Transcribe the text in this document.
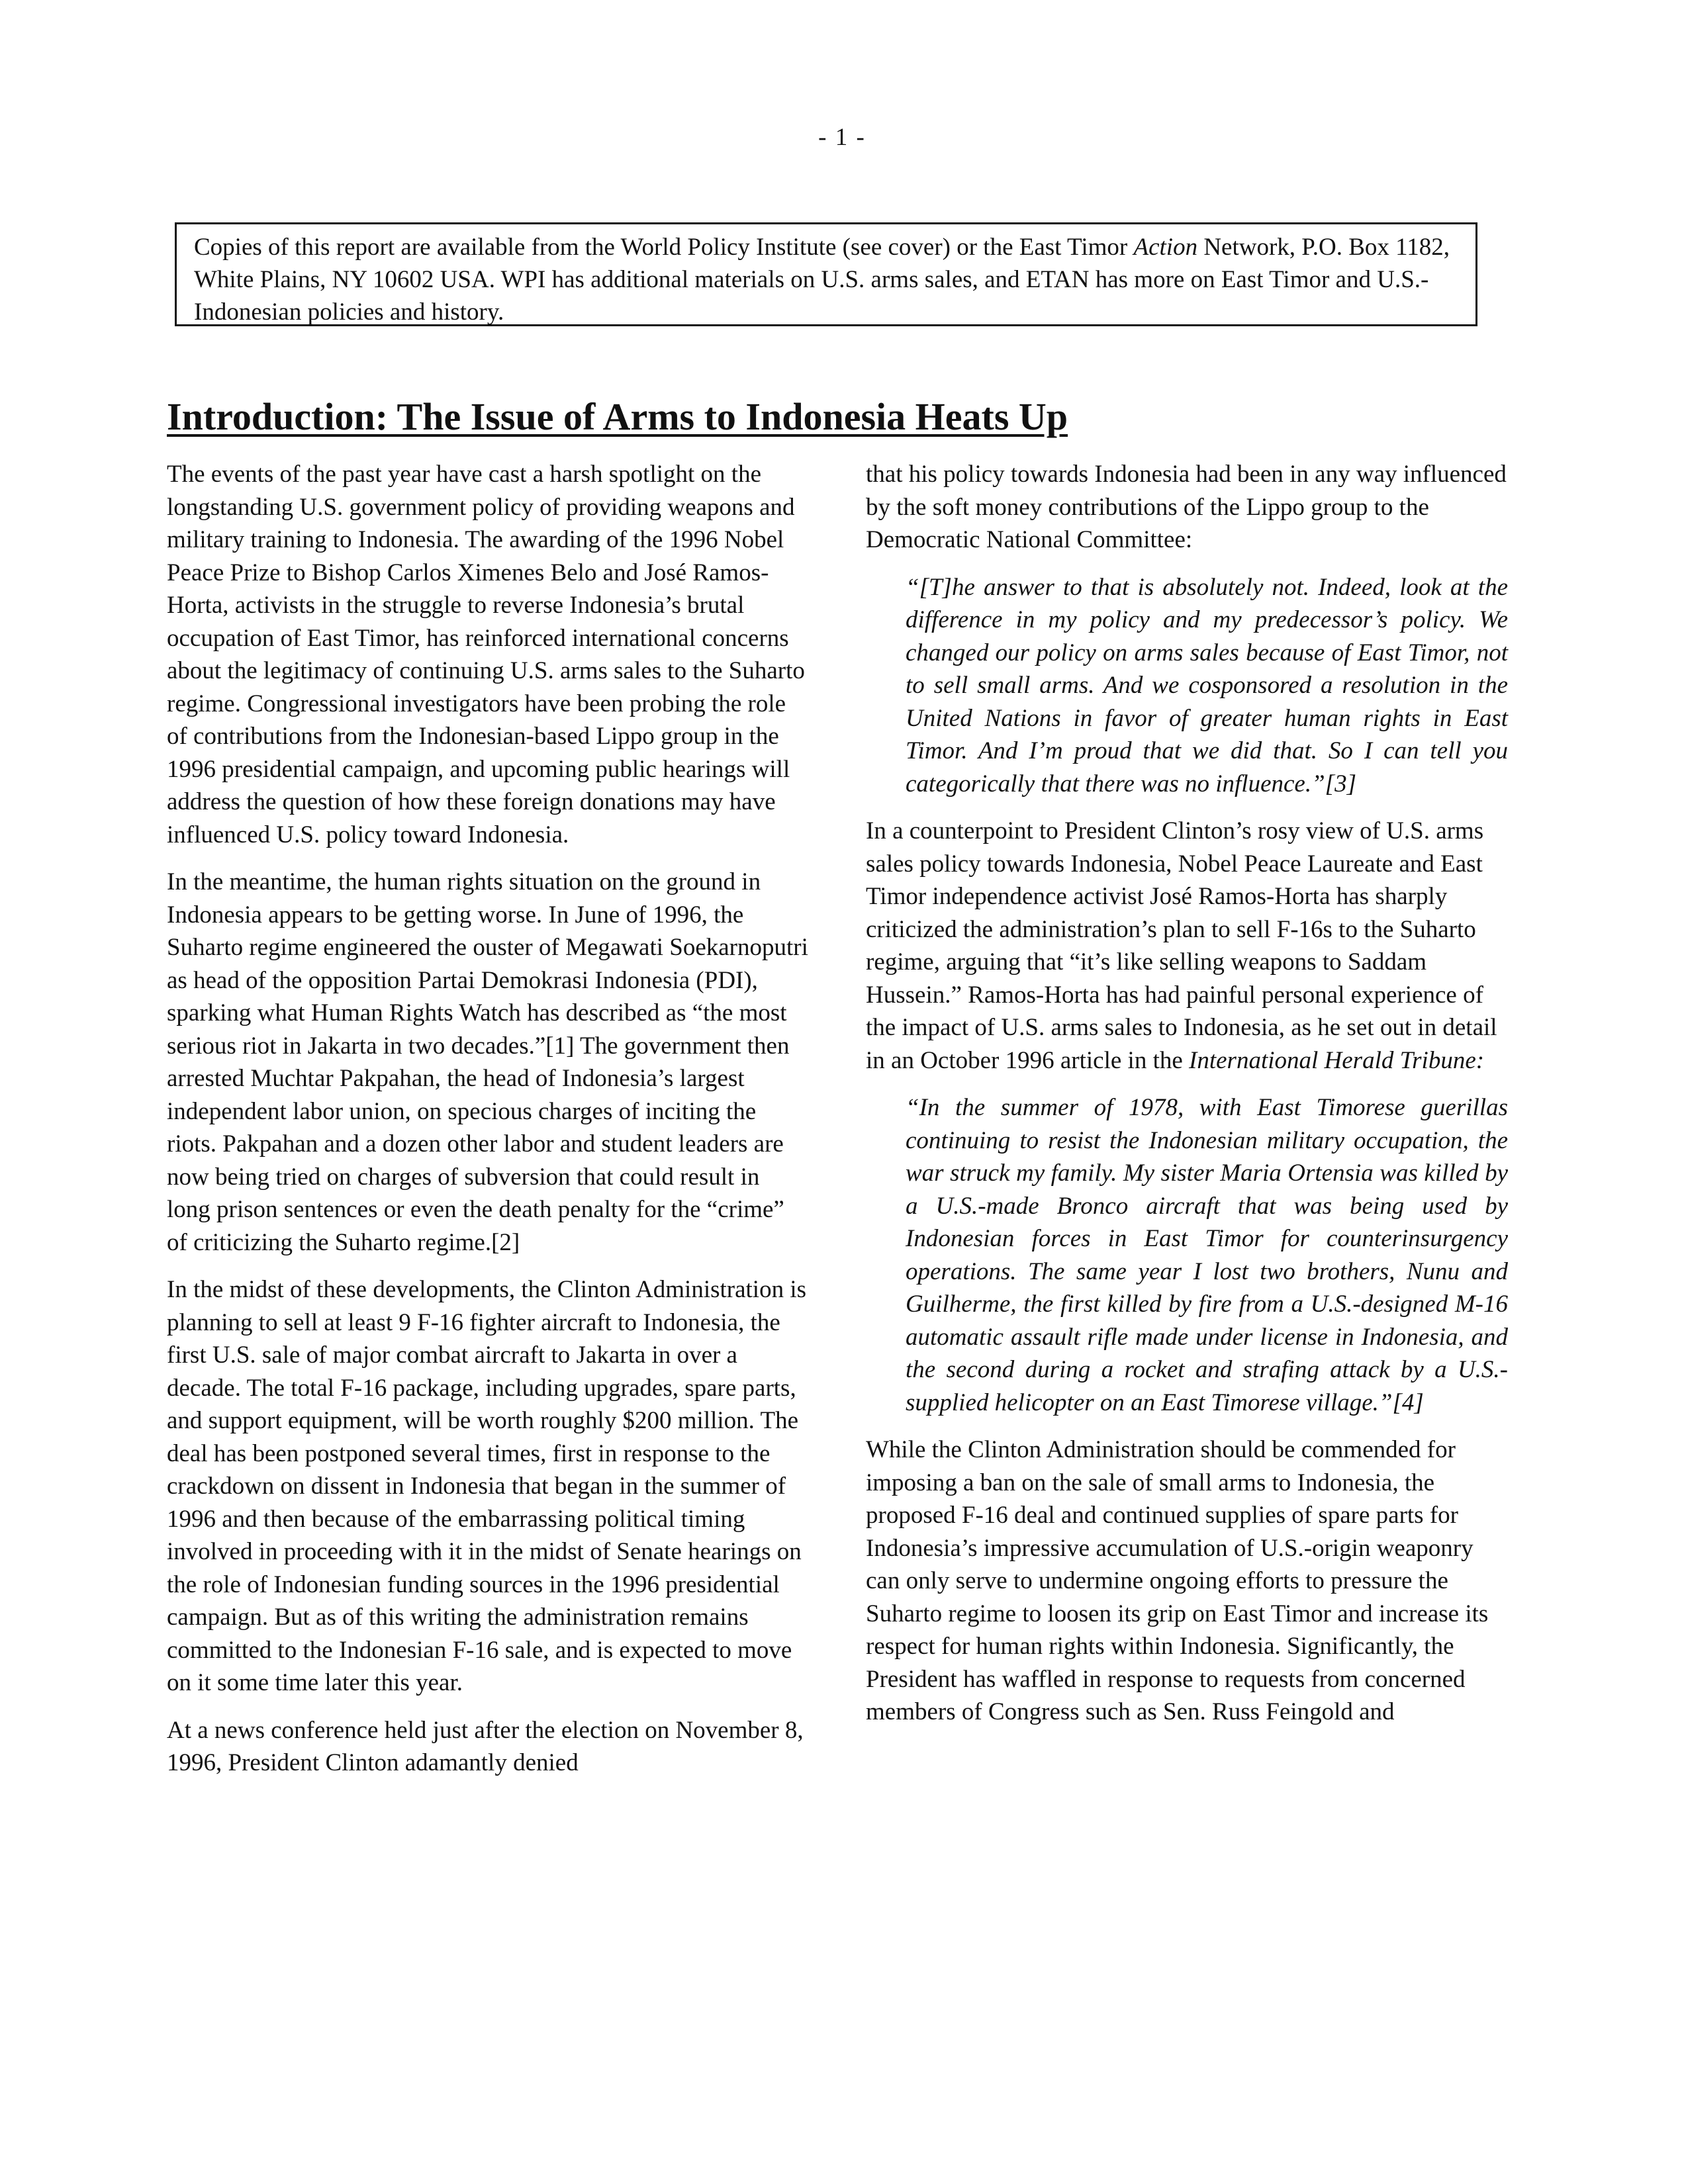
- 1 -

Copies of this report are available from the World Policy Institute (see cover) or the East Timor Action Network, P.O. Box 1182, White Plains, NY 10602 USA. WPI has additional materials on U.S. arms sales, and ETAN has more on East Timor and U.S.-Indonesian policies and history.

Introduction: The Issue of Arms to Indonesia Heats Up

The events of the past year have cast a harsh spotlight on the longstanding U.S. government policy of providing weapons and military training to Indonesia. The awarding of the 1996 Nobel Peace Prize to Bishop Carlos Ximenes Belo and José Ramos-Horta, activists in the struggle to reverse Indonesia’s brutal occupation of East Timor, has reinforced international concerns about the legitimacy of continuing U.S. arms sales to the Suharto regime. Congressional investigators have been probing the role of contributions from the Indonesian-based Lippo group in the 1996 presidential campaign, and upcoming public hearings will address the question of how these foreign donations may have influenced U.S. policy toward Indonesia.

In the meantime, the human rights situation on the ground in Indonesia appears to be getting worse. In June of 1996, the Suharto regime engineered the ouster of Megawati Soekarnoputri as head of the opposition Partai Demokrasi Indonesia (PDI), sparking what Human Rights Watch has described as “the most serious riot in Jakarta in two decades.”[1] The government then arrested Muchtar Pakpahan, the head of Indonesia’s largest independent labor union, on specious charges of inciting the riots. Pakpahan and a dozen other labor and student leaders are now being tried on charges of subversion that could result in long prison sentences or even the death penalty for the “crime” of criticizing the Suharto regime.[2]

In the midst of these developments, the Clinton Administration is planning to sell at least 9 F-16 fighter aircraft to Indonesia, the first U.S. sale of major combat aircraft to Jakarta in over a decade. The total F-16 package, including upgrades, spare parts, and support equipment, will be worth roughly $200 million. The deal has been postponed several times, first in response to the crackdown on dissent in Indonesia that began in the summer of 1996 and then because of the embarrassing political timing involved in proceeding with it in the midst of Senate hearings on the role of Indonesian funding sources in the 1996 presidential campaign. But as of this writing the administration remains committed to the Indonesian F-16 sale, and is expected to move on it some time later this year.

At a news conference held just after the election on November 8, 1996, President Clinton adamantly denied

that his policy towards Indonesia had been in any way influenced by the soft money contributions of the Lippo group to the Democratic National Committee:

“[T]he answer to that is absolutely not. Indeed, look at the difference in my policy and my predecessor’s policy. We changed our policy on arms sales because of East Timor, not to sell small arms. And we cosponsored a resolution in the United Nations in favor of greater human rights in East Timor. And I’m proud that we did that. So I can tell you categorically that there was no influence.”[3]

In a counterpoint to President Clinton’s rosy view of U.S. arms sales policy towards Indonesia, Nobel Peace Laureate and East Timor independence activist José Ramos-Horta has sharply criticized the administration’s plan to sell F-16s to the Suharto regime, arguing that “it’s like selling weapons to Saddam Hussein.” Ramos-Horta has had painful personal experience of the impact of U.S. arms sales to Indonesia, as he set out in detail in an October 1996 article in the International Herald Tribune:

“In the summer of 1978, with East Timorese guerillas continuing to resist the Indonesian military occupation, the war struck my family. My sister Maria Ortensia was killed by a U.S.-made Bronco aircraft that was being used by Indonesian forces in East Timor for counterinsurgency operations. The same year I lost two brothers, Nunu and Guilherme, the first killed by fire from a U.S.-designed M-16 automatic assault rifle made under license in Indonesia, and the second during a rocket and strafing attack by a U.S.-supplied helicopter on an East Timorese village.”[4]

While the Clinton Administration should be commended for imposing a ban on the sale of small arms to Indonesia, the proposed F-16 deal and continued supplies of spare parts for Indonesia’s impressive accumulation of U.S.-origin weaponry can only serve to undermine ongoing efforts to pressure the Suharto regime to loosen its grip on East Timor and increase its respect for human rights within Indonesia. Significantly, the President has waffled in response to requests from concerned members of Congress such as Sen. Russ Feingold and
